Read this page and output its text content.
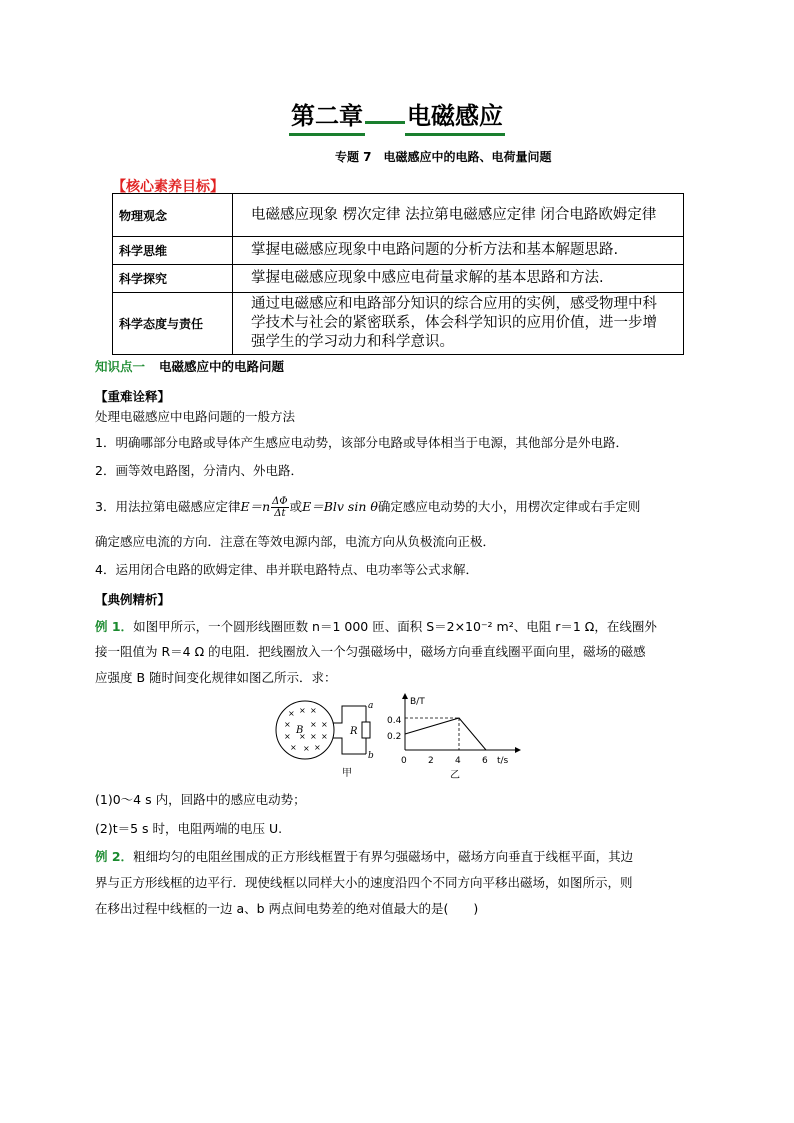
第二章 电磁感应
专题 7　电磁感应中的电路、电荷量问题
【核心素养目标】
物理观念	电磁感应现象 楞次定律 法拉第电磁感应定律 闭合电路欧姆定律
科学思维	掌握电磁感应现象中电路问题的分析方法和基本解题思路.
科学探究	掌握电磁感应现象中感应电荷量求解的基本思路和方法.
科学态度与责任	通过电磁感应和电路部分知识的综合应用的实例，感受物理中科学技术与社会的紧密联系，体会科学知识的应用价值，进一步增强学生的学习动力和科学意识。
知识点一 电磁感应中的电路问题
【重难诠释】
处理电磁感应中电路问题的一般方法
1．明确哪部分电路或导体产生感应电动势，该部分电路或导体相当于电源，其他部分是外电路．
2．画等效电路图，分清内、外电路．
3．用法拉第电磁感应定律$E=n \frac{\Delta\Phi}{\Delta t}$ 或E＝Blv sin θ确定感应电动势的大小，用楞次定律或右手定则
确定感应电流的方向．注意在等效电源内部，电流方向从负极流向正极．
4．运用闭合电路的欧姆定律、串并联电路特点、电功率等公式求解．
【典例精析】
例 1．如图甲所示，一个圆形线圈匝数 n＝1 000 匝、面积 S＝2×10⁻² m²、电阻 r＝1 Ω，在线圈外
接一阻值为 R＝4 Ω 的电阻．把线圈放入一个匀强磁场中，磁场方向垂直线圈平面向里，磁场的磁感
应强度 B 随时间变化规律如图乙所示．求：
× × ×
× × ×
× × × ×
× × ×
B	R
a
b
甲
B/T
t/s
0.4
0.2
0 2 4 6
乙
(1)0～4 s 内，回路中的感应电动势；
(2)t＝5 s 时，电阻两端的电压 U.
例 2．粗细均匀的电阻丝围成的正方形线框置于有界匀强磁场中，磁场方向垂直于线框平面，其边
界与正方形线框的边平行．现使线框以同样大小的速度沿四个不同方向平移出磁场，如图所示，则
在移出过程中线框的一边 a、b 两点间电势差的绝对值最大的是(　　)
